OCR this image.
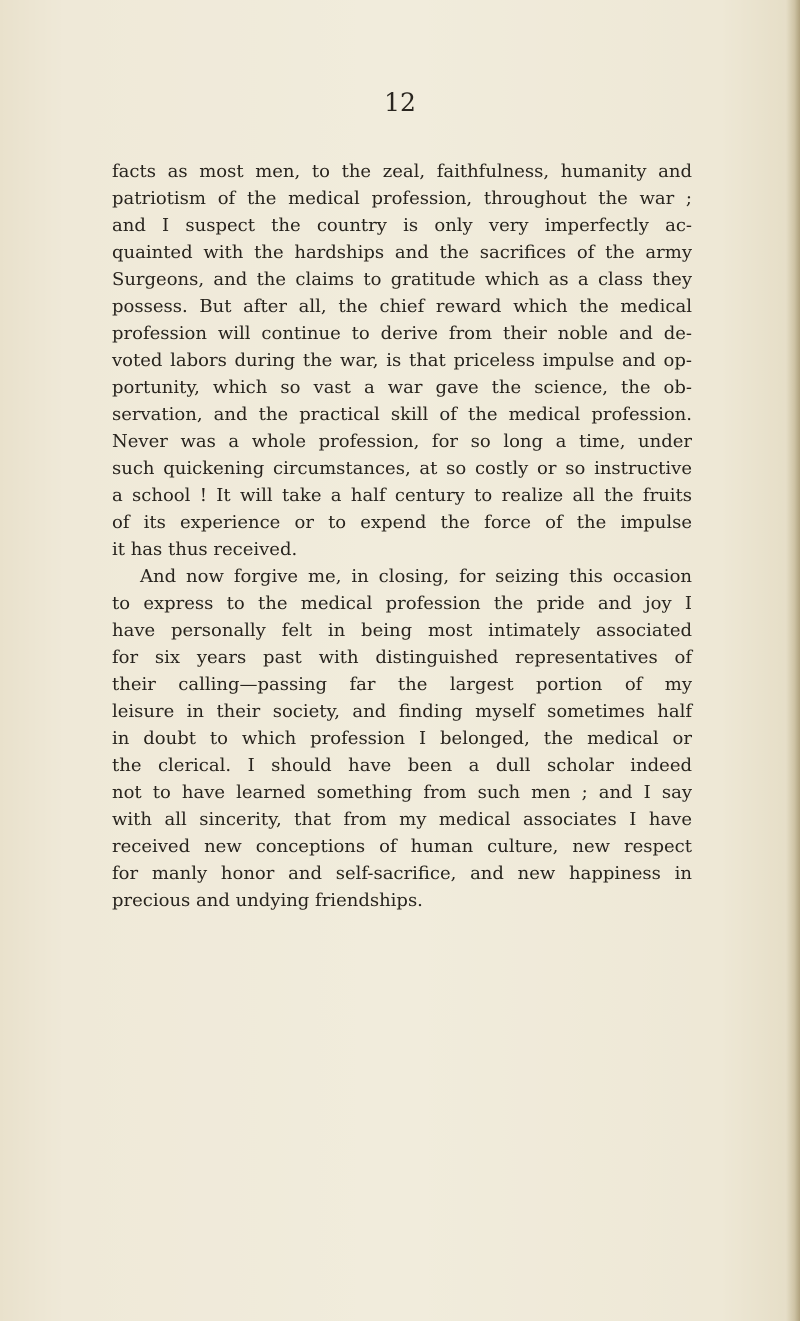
12

facts as most men, to the zeal, faithfulness, humanity and
patriotism of the medical profession, throughout the war ;
and I suspect the country is only very imperfectly ac-
quainted with the hardships and the sacrifices of the army
Surgeons, and the claims to gratitude which as a class they
possess. But after all, the chief reward which the medical
profession will continue to derive from their noble and de-
voted labors during the war, is that priceless impulse and op-
portunity, which so vast a war gave the science, the ob-
servation, and the practical skill of the medical profession.
Never was a whole profession, for so long a time, under
such quickening circumstances, at so costly or so instructive
a school ! It will take a half century to realize all the fruits
of its experience or to expend the force of the impulse
it has thus received.
And now forgive me, in closing, for seizing this occasion
to express to the medical profession the pride and joy I
have personally felt in being most intimately associated
for six years past with distinguished representatives of
their calling—passing far the largest portion of my
leisure in their society, and finding myself sometimes half
in doubt to which profession I belonged, the medical or
the clerical. I should have been a dull scholar indeed
not to have learned something from such men ; and I say
with all sincerity, that from my medical associates I have
received new conceptions of human culture, new respect
for manly honor and self-sacrifice, and new happiness in
precious and undying friendships.
